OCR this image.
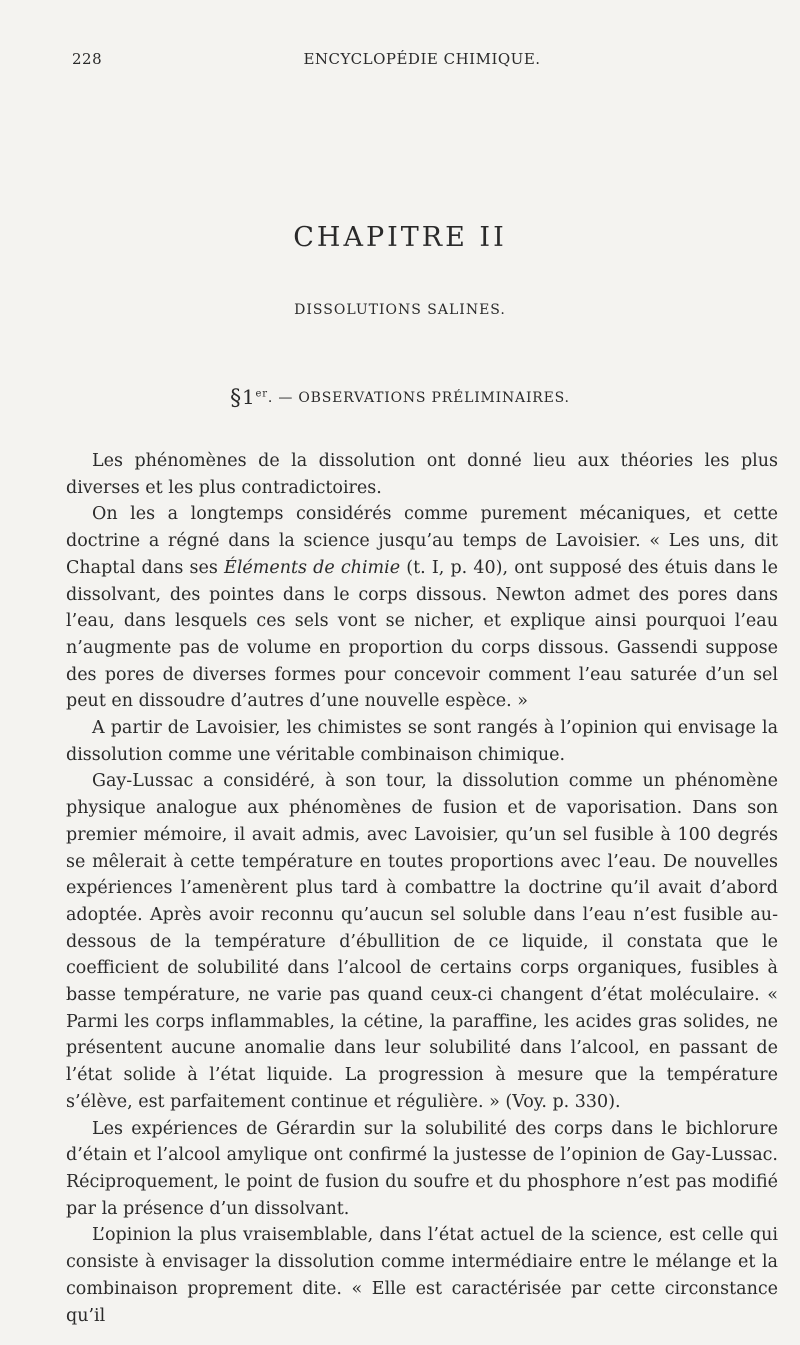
228	ENCYCLOPÉDIE CHIMIQUE.
CHAPITRE II
DISSOLUTIONS SALINES.
§1er. — OBSERVATIONS PRÉLIMINAIRES.

Les phénomènes de la dissolution ont donné lieu aux théories les plus diverses et les plus contradictoires.

On les a longtemps considérés comme purement mécaniques, et cette doctrine a régné dans la science jusqu’au temps de Lavoisier. « Les uns, dit Chaptal dans ses Éléments de chimie (t. I, p. 40), ont supposé des étuis dans le dissolvant, des pointes dans le corps dissous. Newton admet des pores dans l’eau, dans lesquels ces sels vont se nicher, et explique ainsi pourquoi l’eau n’augmente pas de volume en proportion du corps dissous. Gassendi suppose des pores de diverses formes pour concevoir comment l’eau saturée d’un sel peut en dissoudre d’autres d’une nouvelle espèce. »

A partir de Lavoisier, les chimistes se sont rangés à l’opinion qui envisage la dissolution comme une véritable combinaison chimique.

Gay-Lussac a considéré, à son tour, la dissolution comme un phénomène physique analogue aux phénomènes de fusion et de vaporisation. Dans son premier mémoire, il avait admis, avec Lavoisier, qu’un sel fusible à 100 degrés se mêlerait à cette température en toutes proportions avec l’eau. De nouvelles expériences l’amenèrent plus tard à combattre la doctrine qu’il avait d’abord adoptée. Après avoir reconnu qu’aucun sel soluble dans l’eau n’est fusible au-dessous de la température d’ébullition de ce liquide, il constata que le coefficient de solubilité dans l’alcool de certains corps organiques, fusibles à basse température, ne varie pas quand ceux-ci changent d’état moléculaire. « Parmi les corps inflammables, la cétine, la paraffine, les acides gras solides, ne présentent aucune anomalie dans leur solubilité dans l’alcool, en passant de l’état solide à l’état liquide. La progression à mesure que la température s’élève, est parfaitement continue et régulière. » (Voy. p. 330).

Les expériences de Gérardin sur la solubilité des corps dans le bichlorure d’étain et l’alcool amylique ont confirmé la justesse de l’opinion de Gay-Lussac. Réciproquement, le point de fusion du soufre et du phosphore n’est pas modifié par la présence d’un dissolvant.

L’opinion la plus vraisemblable, dans l’état actuel de la science, est celle qui consiste à envisager la dissolution comme intermédiaire entre le mélange et la combinaison proprement dite. « Elle est caractérisée par cette circonstance qu’il
